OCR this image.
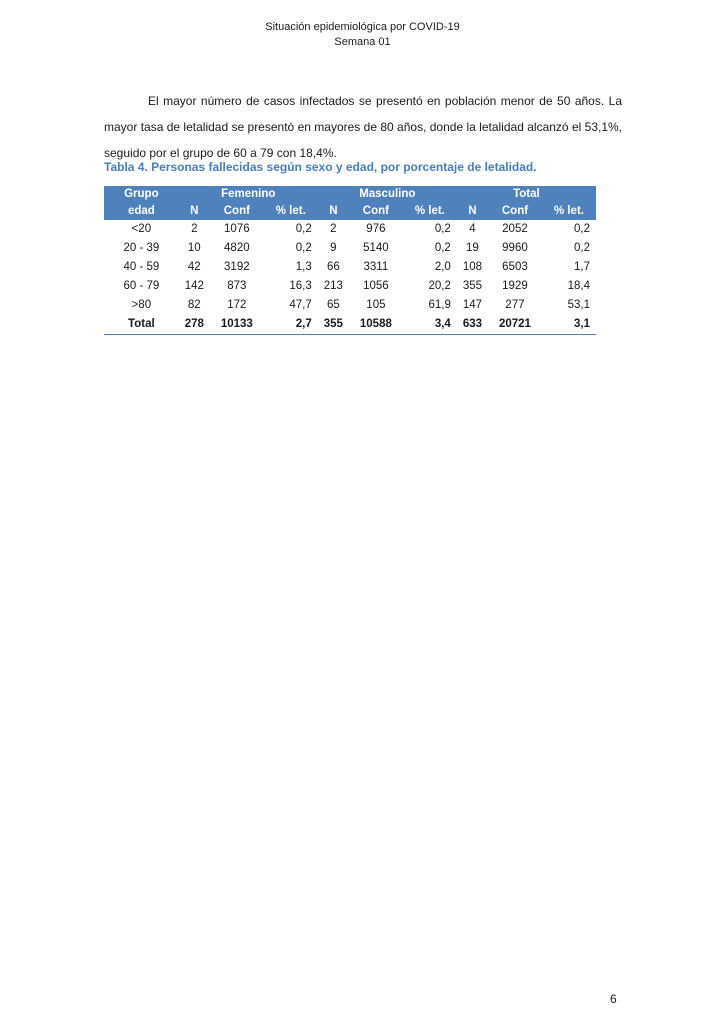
Situación epidemiológica por COVID-19
Semana 01

El mayor número de casos infectados se presentó en población menor de 50 años. La mayor tasa de letalidad se presentó en mayores de 80 años, donde la letalidad alcanzó el 53,1%, seguido por el grupo de 60 a 79 con 18,4%.

Tabla 4. Personas fallecidas según sexo y edad, por porcentaje de letalidad.

Grupo	Femenino			Masculino			Total		
edad	N	Conf	% let.	N	Conf	% let.	N	Conf	% let.
<20	2	1076	0,2	2	976	0,2	4	2052	0,2
20 - 39	10	4820	0,2	9	5140	0,2	19	9960	0,2
40 - 59	42	3192	1,3	66	3311	2,0	108	6503	1,7
60 - 79	142	873	16,3	213	1056	20,2	355	1929	18,4
>80	82	172	47,7	65	105	61,9	147	277	53,1
Total	278	10133	2,7	355	10588	3,4	633	20721	3,1
6
